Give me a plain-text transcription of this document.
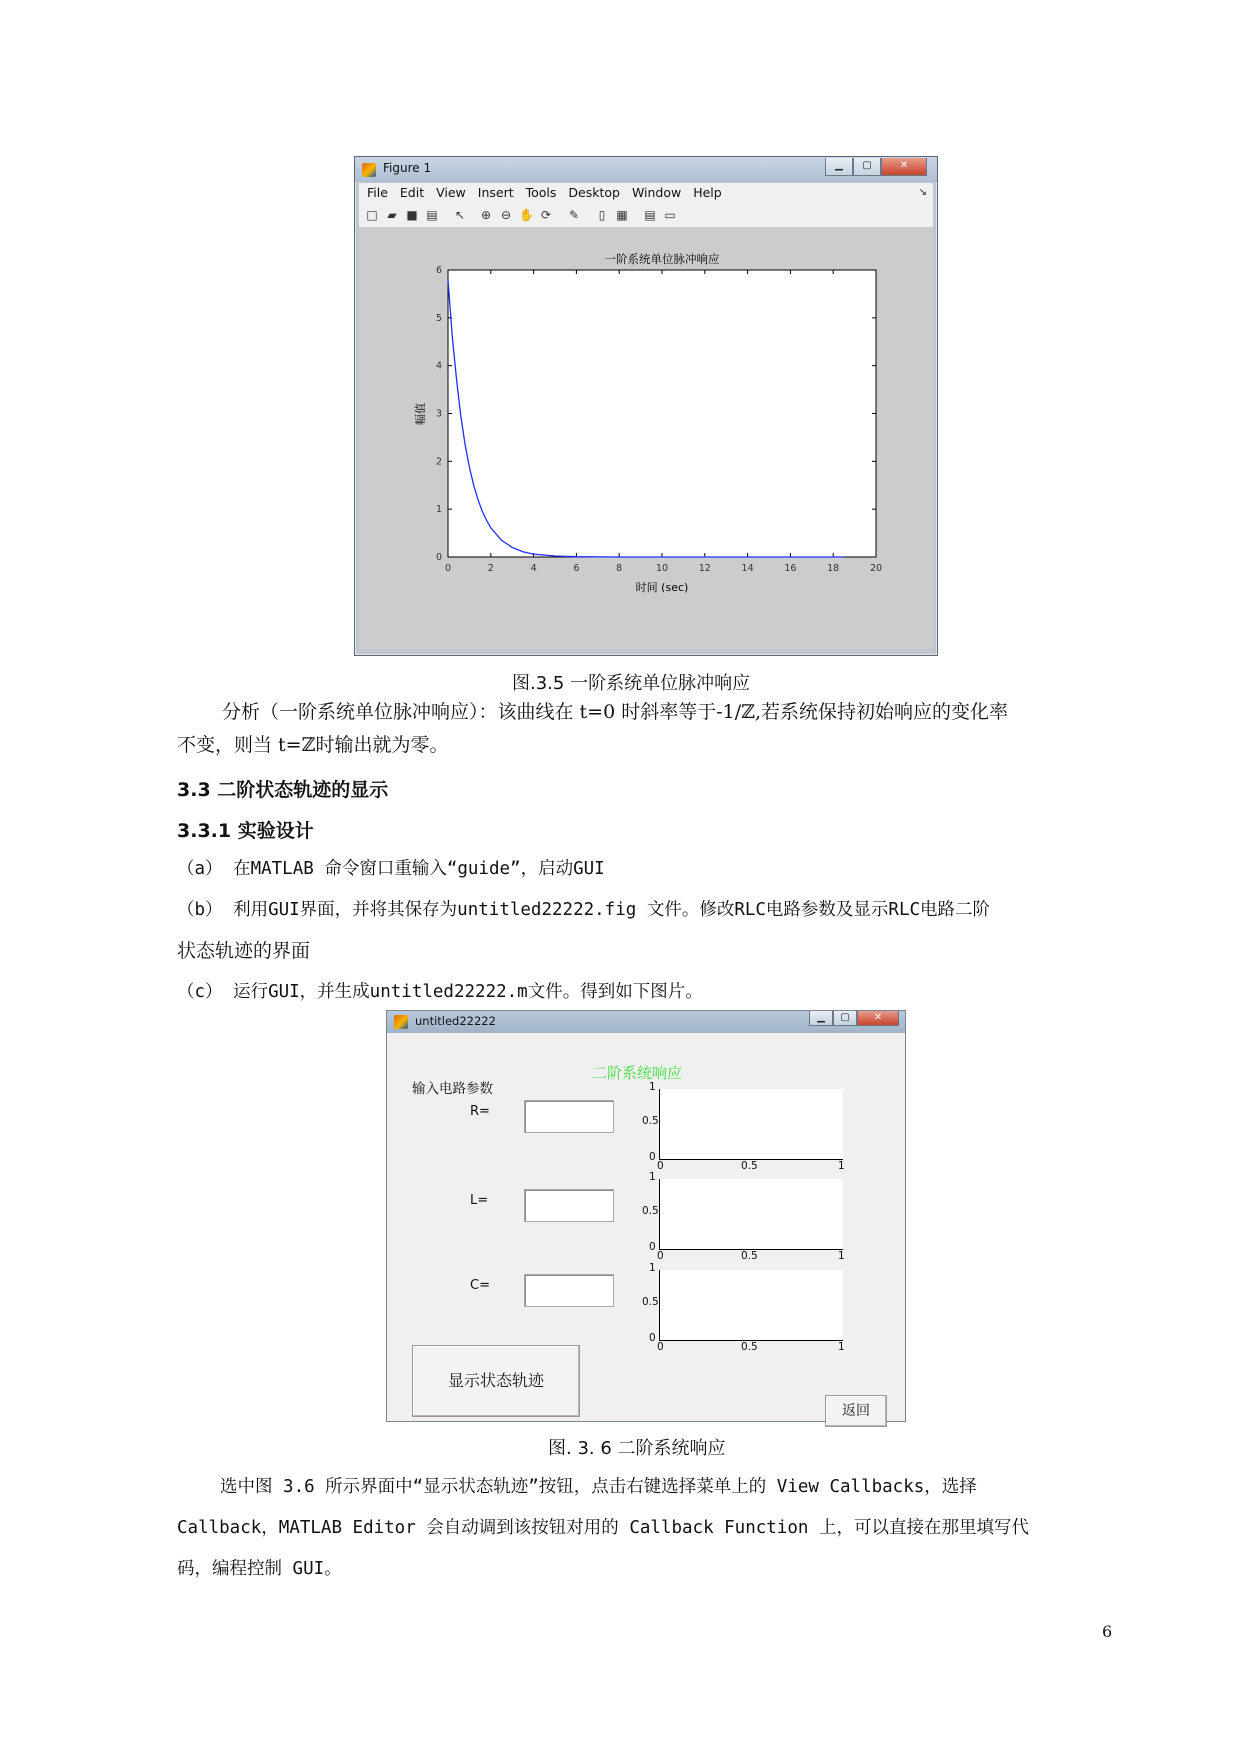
Figure 1	▁	▢	✕
File Edit View Insert Tools Desktop Window Help	↘
□ ▰ ■ ▤ ↖ ⊕ ⊖ ✋ ⟳ ✎	▯ ▦ ▤ ▭
一阶系统单位脉冲响应
0	2	4	6	8	10	12	14	16	18	20
0
1
2
3
4
5
6
时间 (sec)
幅值
图.3.5 一阶系统单位脉冲响应
分析（一阶系统单位脉冲响应）：该曲线在 t=0 时斜率等于-1/ℤ,若系统保持初始响应的变化率
不变，则当 t=ℤ时输出就为零。
3.3 二阶状态轨迹的显示
3.3.1 实验设计
（a） 在MATLAB 命令窗口重输入“guide”，启动GUI
（b） 利用GUI界面，并将其保存为untitled22222.fig 文件。修改RLC电路参数及显示RLC电路二阶
状态轨迹的界面
（c） 运行GUI，并生成untitled22222.m文件。得到如下图片。
untitled22222	▁	▢	✕
二阶系统响应
输入电路参数
R=
L=
C=
1
0.5
0
0	0.5	1
1
0.5
0
0	0.5	1
1
0.5
0
0	0.5	1
显示状态轨迹
返回
图. 3. 6 二阶系统响应
选中图 3.6 所示界面中“显示状态轨迹”按钮，点击右键选择菜单上的 View Callbacks，选择
Callback，MATLAB Editor 会自动调到该按钮对用的 Callback Function 上，可以直接在那里填写代
码，编程控制 GUI。
6
